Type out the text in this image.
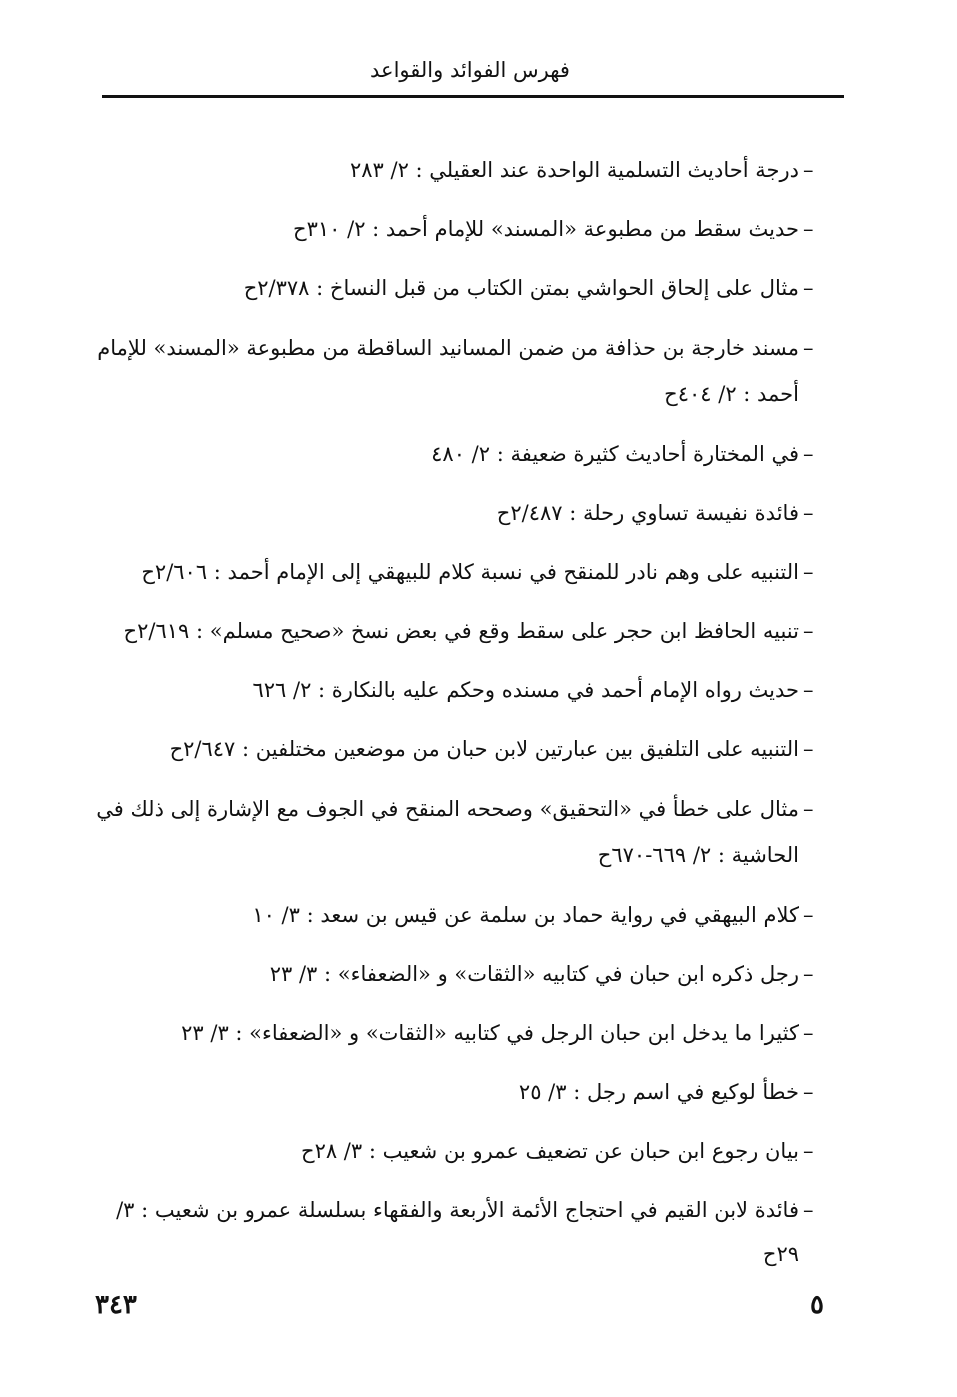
فهرس الفوائد والقواعد
–
درجة أحاديث التسلمية الواحدة عند العقيلي : ٢/ ٢٨٣
–
حديث سقط من مطبوعة «المسند» للإمام أحمد : ٢/ ٣١٠ح
–
مثال على إلحاق الحواشي بمتن الكتاب من قبل النساخ : ٢/٣٧٨ح
–
مسند خارجة بن حذافة من ضمن المسانيد الساقطة من مطبوعة «المسند» للإمام أحمد : ٢/ ٤٠٤ح
–
في المختارة أحاديث كثيرة ضعيفة : ٢/ ٤٨٠
–
فائدة نفيسة تساوي رحلة : ٢/٤٨٧ح
–
التنبيه على وهم نادر للمنقح في نسبة كلام للبيهقي إلى الإمام أحمد : ٢/٦٠٦ح
–
تنبيه الحافظ ابن حجر على سقط وقع في بعض نسخ «صحيح مسلم» : ٢/٦١٩ح
–
حديث رواه الإمام أحمد في مسنده وحكم عليه بالنكارة : ٢/ ٦٢٦
–
التنبيه على التلفيق بين عبارتين لابن حبان من موضعين مختلفين : ٢/٦٤٧ح
–
مثال على خطأ في «التحقيق» وصححه المنقح في الجوف مع الإشارة إلى ذلك في الحاشية : ٢/ ٦٦٩-٦٧٠ح
–
كلام البيهقي في رواية حماد بن سلمة عن قيس بن سعد : ٣/ ١٠
–
رجل ذكره ابن حبان في كتابيه «الثقات» و «الضعفاء» : ٣/ ٢٣
–
كثيرا ما يدخل ابن حبان الرجل في كتابيه «الثقات» و «الضعفاء» : ٣/ ٢٣
–
خطأ لوكيع في اسم رجل : ٣/ ٢٥
–
بيان رجوع ابن حبان عن تضعيف عمرو بن شعيب : ٣/ ٢٨ح
–
فائدة لابن القيم في احتجاج الأئمة الأربعة والفقهاء بسلسلة عمرو بن شعيب : ٣/ ٢٩ح
٣٤٣	٥
